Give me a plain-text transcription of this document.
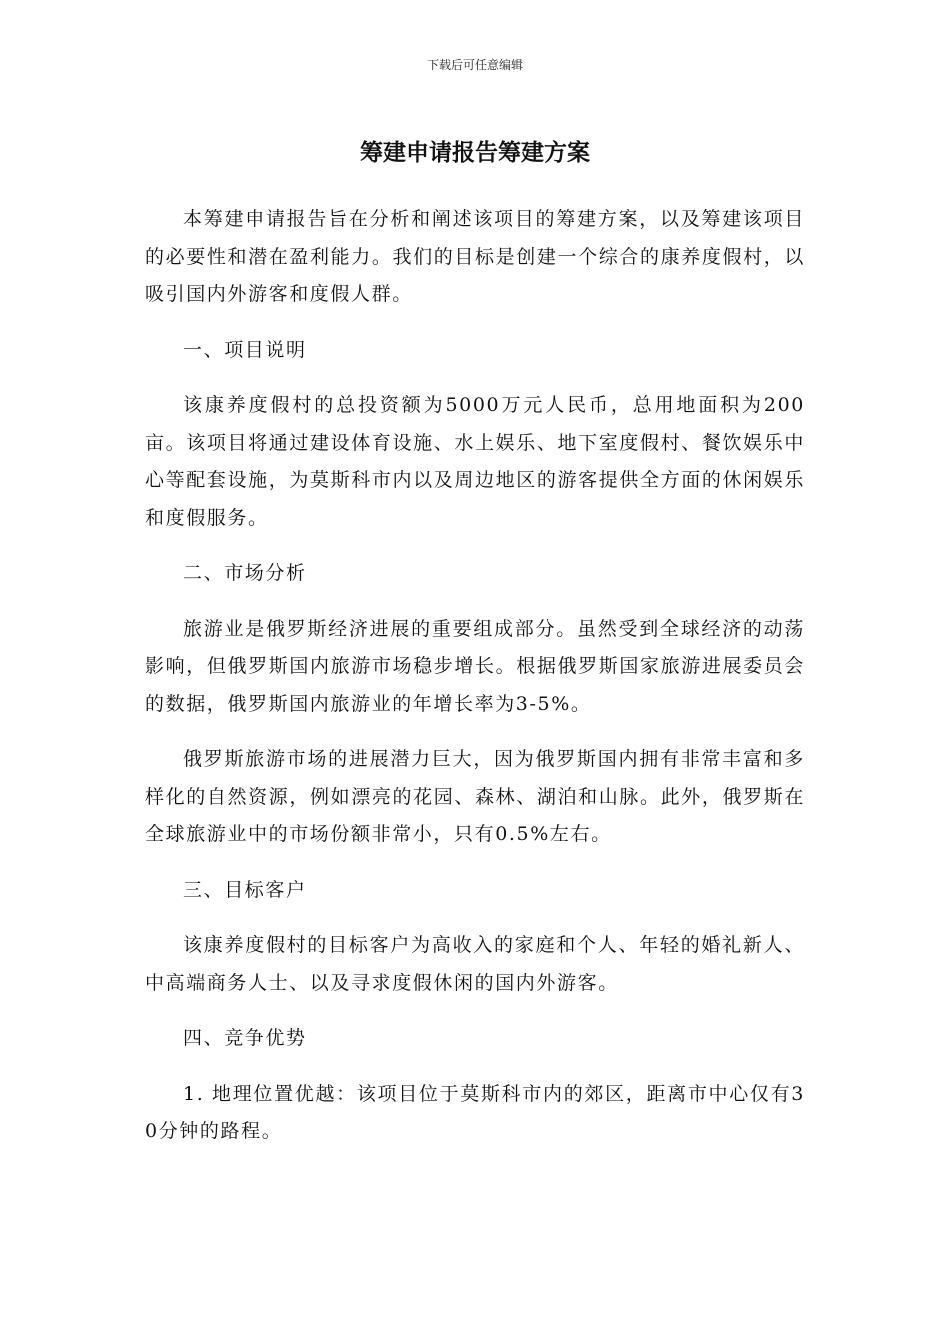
下载后可任意编辑
筹建申请报告筹建方案

本筹建申请报告旨在分析和阐述该项目的筹建方案，以及筹建该项目的必要性和潜在盈利能力。我们的目标是创建一个综合的康养度假村，以吸引国内外游客和度假人群。

一、项目说明

该康养度假村的总投资额为5000万元人民币，总用地面积为200亩。该项目将通过建设体育设施、水上娱乐、地下室度假村、餐饮娱乐中心等配套设施，为莫斯科市内以及周边地区的游客提供全方面的休闲娱乐和度假服务。

二、市场分析

旅游业是俄罗斯经济进展的重要组成部分。虽然受到全球经济的动荡影响，但俄罗斯国内旅游市场稳步增长。根据俄罗斯国家旅游进展委员会的数据，俄罗斯国内旅游业的年增长率为3-5%。

俄罗斯旅游市场的进展潜力巨大，因为俄罗斯国内拥有非常丰富和多样化的自然资源，例如漂亮的花园、森林、湖泊和山脉。此外，俄罗斯在全球旅游业中的市场份额非常小，只有0.5%左右。

三、目标客户

该康养度假村的目标客户为高收入的家庭和个人、年轻的婚礼新人、中高端商务人士、以及寻求度假休闲的国内外游客。

四、竞争优势

1. 地理位置优越：该项目位于莫斯科市内的郊区，距离市中心仅有30分钟的路程。
